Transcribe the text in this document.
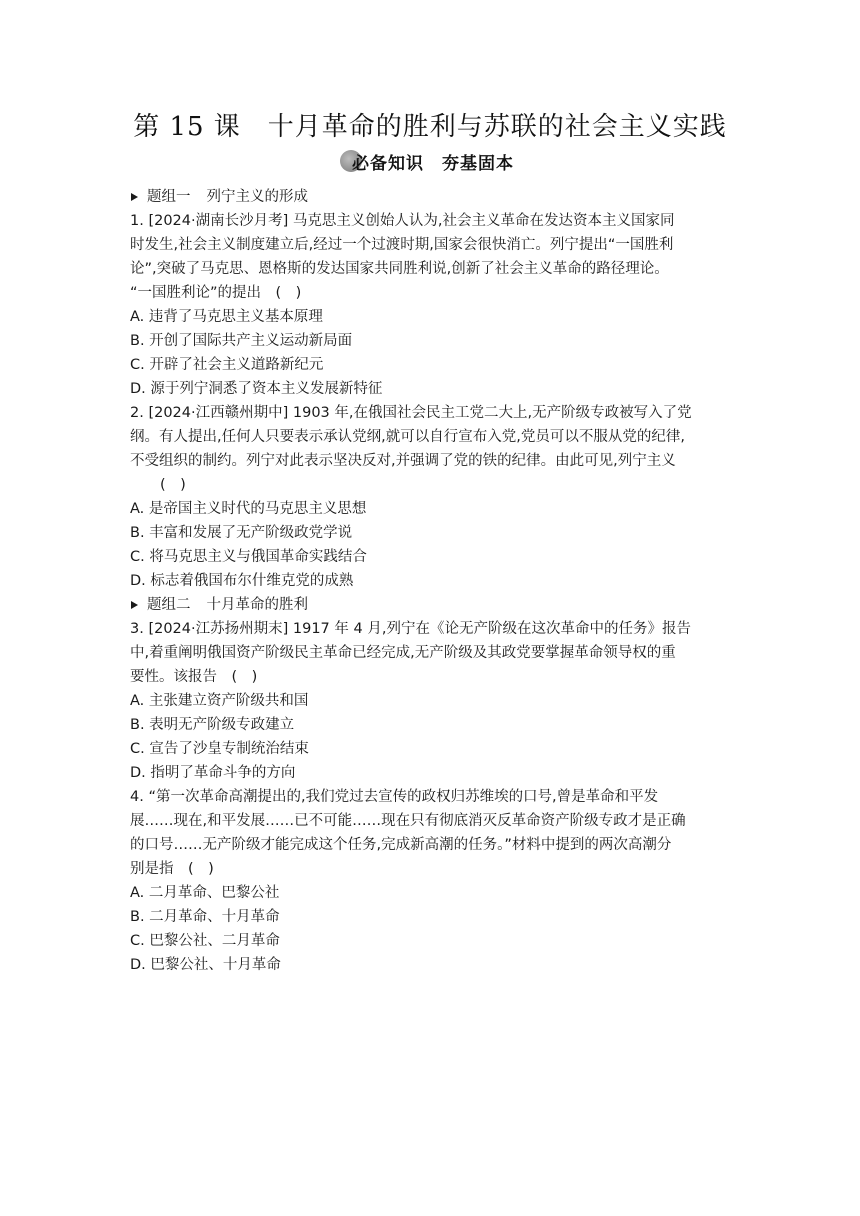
第 15 课　十月革命的胜利与苏联的社会主义实践
必备知识　夯基固本
题组一 列宁主义的形成
1. [2024·湖南长沙月考] 马克思主义创始人认为,社会主义革命在发达资本主义国家同
时发生,社会主义制度建立后,经过一个过渡时期,国家会很快消亡。列宁提出“一国胜利
论”,突破了马克思、恩格斯的发达国家共同胜利说,创新了社会主义革命的路径理论。
“一国胜利论”的提出　(　)
A. 违背了马克思主义基本原理
B. 开创了国际共产主义运动新局面
C. 开辟了社会主义道路新纪元
D. 源于列宁洞悉了资本主义发展新特征
2. [2024·江西赣州期中] 1903 年,在俄国社会民主工党二大上,无产阶级专政被写入了党
纲。有人提出,任何人只要表示承认党纲,就可以自行宣布入党,党员可以不服从党的纪律,
不受组织的制约。列宁对此表示坚决反对,并强调了党的铁的纪律。由此可见,列宁主义
(　)
A. 是帝国主义时代的马克思主义思想
B. 丰富和发展了无产阶级政党学说
C. 将马克思主义与俄国革命实践结合
D. 标志着俄国布尔什维克党的成熟
题组二 十月革命的胜利
3. [2024·江苏扬州期末] 1917 年 4 月,列宁在《论无产阶级在这次革命中的任务》报告
中,着重阐明俄国资产阶级民主革命已经完成,无产阶级及其政党要掌握革命领导权的重
要性。该报告　(　)
A. 主张建立资产阶级共和国
B. 表明无产阶级专政建立
C. 宣告了沙皇专制统治结束
D. 指明了革命斗争的方向
4. “第一次革命高潮提出的,我们党过去宣传的政权归苏维埃的口号,曾是革命和平发
展……现在,和平发展……已不可能……现在只有彻底消灭反革命资产阶级专政才是正确
的口号……无产阶级才能完成这个任务,完成新高潮的任务。”材料中提到的两次高潮分
别是指　(　)
A. 二月革命、巴黎公社
B. 二月革命、十月革命
C. 巴黎公社、二月革命
D. 巴黎公社、十月革命
